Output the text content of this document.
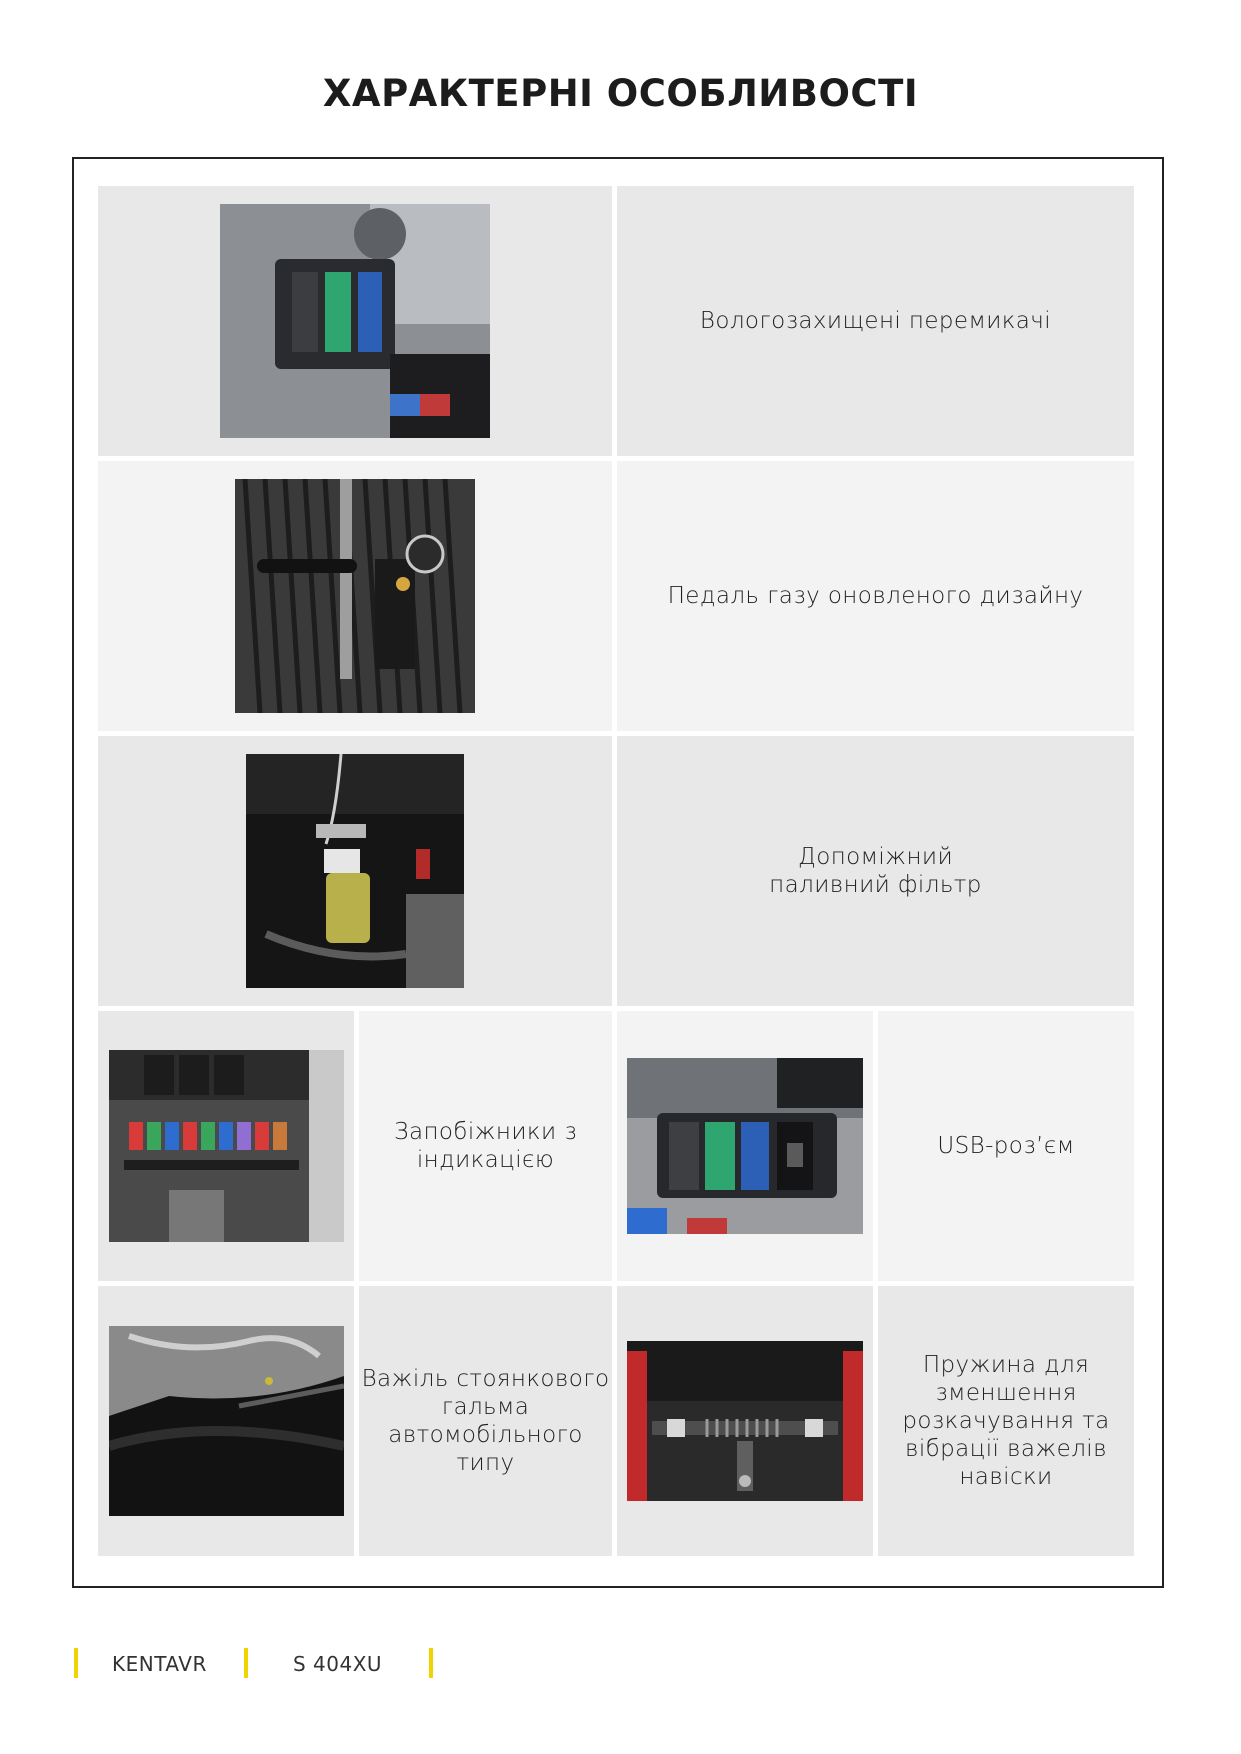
ХАРАКТЕРНІ ОСОБЛИВОСТІ
Вологозахищені перемикачі
Педаль газу оновленого дизайну
Допоміжний
паливний фільтр
Запобіжники з
індикацією
USB-роз’єм
Важіль стоянкового
гальма
автомобільного
типу
Пружина для
зменшення
розкачування та
вібрації важелів
навіски
KENTAVR	S 404XU
